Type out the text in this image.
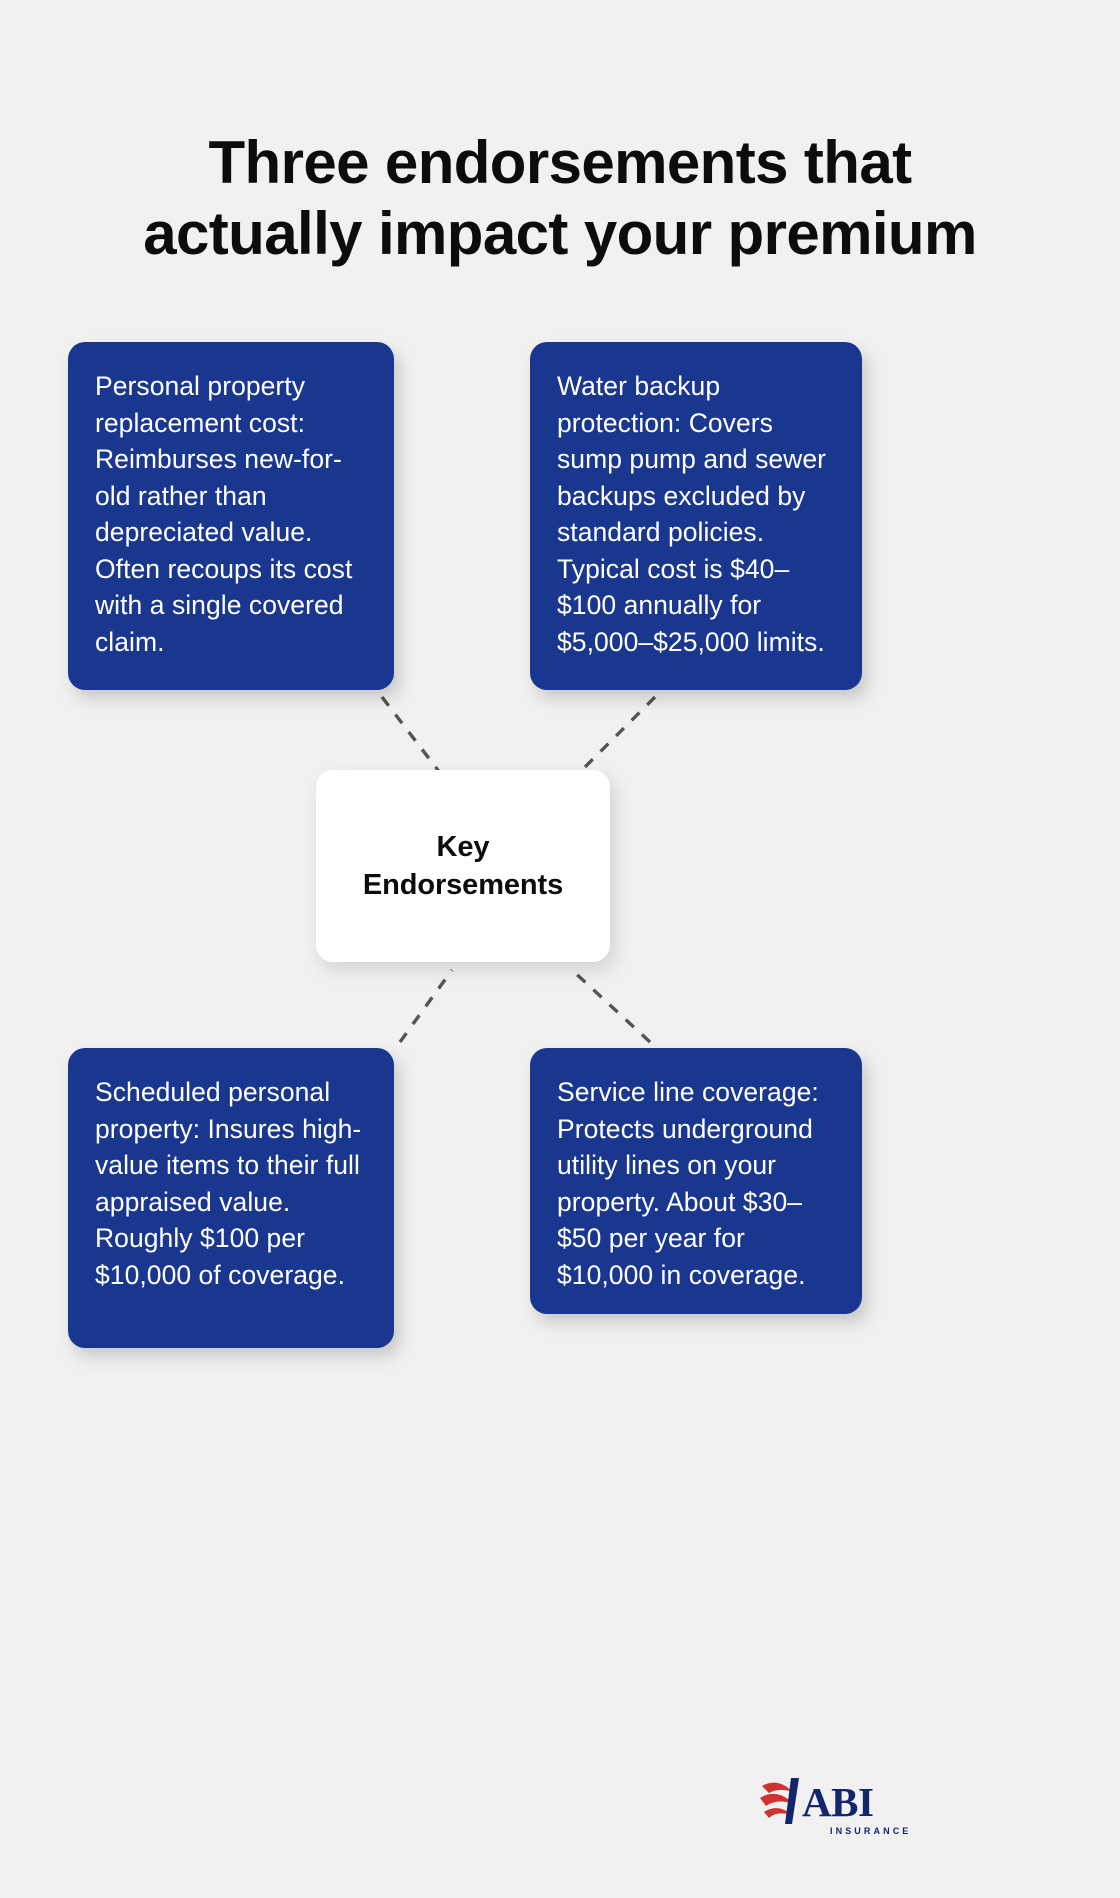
Three endorsements that
actually impact your premium
Personal property replacement cost: Reimburses new-for-old rather than depreciated value. Often recoups its cost with a single covered claim.
Water backup protection: Covers sump pump and sewer backups excluded by standard policies. Typical cost is $40–$100 annually for $5,000–$25,000 limits.
Key
Endorsements
Scheduled personal property: Insures high-value items to their full appraised value. Roughly $100 per $10,000 of coverage.
Service line coverage: Protects underground utility lines on your property. About $30–$50 per year for $10,000 in coverage.
ABI
INSURANCE
